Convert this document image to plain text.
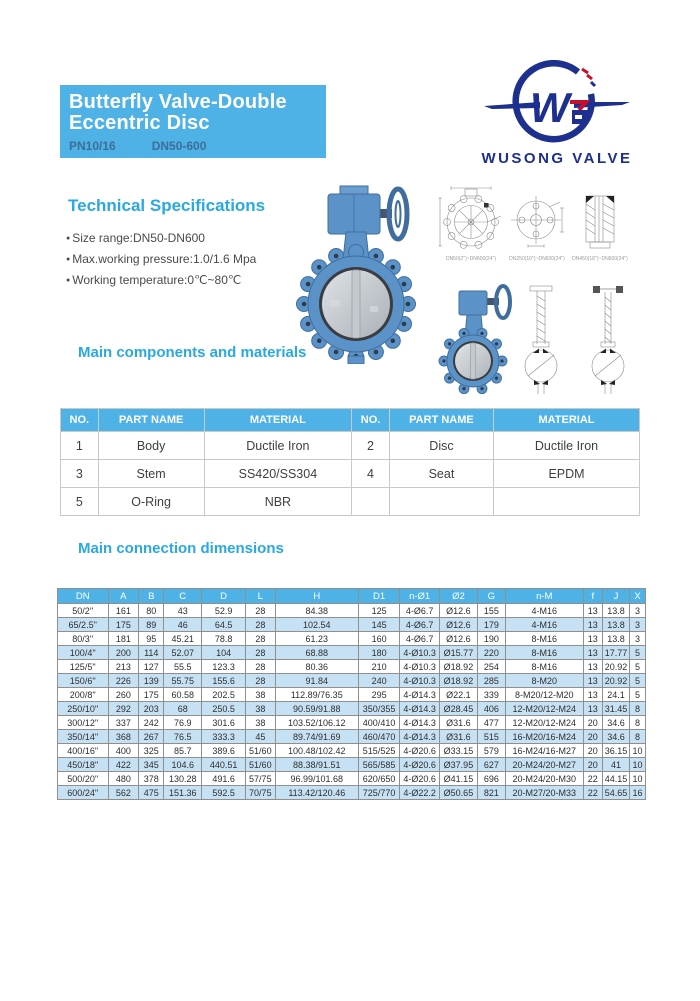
Butterfly Valve-Double
Eccentric Disc
PN10/16	DN50-600
W
WUSONG VALVE
Technical Specifications
● Size range:DN50-DN600
● Max.working pressure:1.0/1.6 Mpa
● Working temperature:0℃~80℃
DN50(2'')~DN600(24'')	DN250(10'')~DN600(24'')	DN450(18'')~DN600(24'')
Main components and materials
NO.	PART NAME	MATERIAL	NO.	PART NAME	MATERIAL
1	Body	Ductile Iron	2	Disc	Ductile Iron
3	Stem	SS420/SS304	4	Seat	EPDM
5	O-Ring	NBR			
Main connection dimensions
DN	A	B	C	D	L	H	D1	n-Ø1	Ø2	G	n-M	f	J	X
50/2''	161	80	43	52.9	28	84.38	125	4-Ø6.7	Ø12.6	155	4-M16	13	13.8	3
65/2.5''	175	89	46	64.5	28	102.54	145	4-Ø6.7	Ø12.6	179	4-M16	13	13.8	3
80/3''	181	95	45.21	78.8	28	61.23	160	4-Ø6.7	Ø12.6	190	8-M16	13	13.8	3
100/4''	200	114	52.07	104	28	68.88	180	4-Ø10.3	Ø15.77	220	8-M16	13	17.77	5
125/5''	213	127	55.5	123.3	28	80.36	210	4-Ø10.3	Ø18.92	254	8-M16	13	20.92	5
150/6''	226	139	55.75	155.6	28	91.84	240	4-Ø10.3	Ø18.92	285	8-M20	13	20.92	5
200/8''	260	175	60.58	202.5	38	112.89/76.35	295	4-Ø14.3	Ø22.1	339	8-M20/12-M20	13	24.1	5
250/10''	292	203	68	250.5	38	90.59/91.88	350/355	4-Ø14.3	Ø28.45	406	12-M20/12-M24	13	31.45	8
300/12''	337	242	76.9	301.6	38	103.52/106.12	400/410	4-Ø14.3	Ø31.6	477	12-M20/12-M24	20	34.6	8
350/14''	368	267	76.5	333.3	45	89.74/91.69	460/470	4-Ø14.3	Ø31.6	515	16-M20/16-M24	20	34.6	8
400/16''	400	325	85.7	389.6	51/60	100.48/102.42	515/525	4-Ø20.6	Ø33.15	579	16-M24/16-M27	20	36.15	10
450/18''	422	345	104.6	440.51	51/60	88.38/91.51	565/585	4-Ø20.6	Ø37.95	627	20-M24/20-M27	20	41	10
500/20''	480	378	130.28	491.6	57/75	96.99/101.68	620/650	4-Ø20.6	Ø41.15	696	20-M24/20-M30	22	44.15	10
600/24''	562	475	151.36	592.5	70/75	113.42/120.46	725/770	4-Ø22.2	Ø50.65	821	20-M27/20-M33	22	54.65	16
